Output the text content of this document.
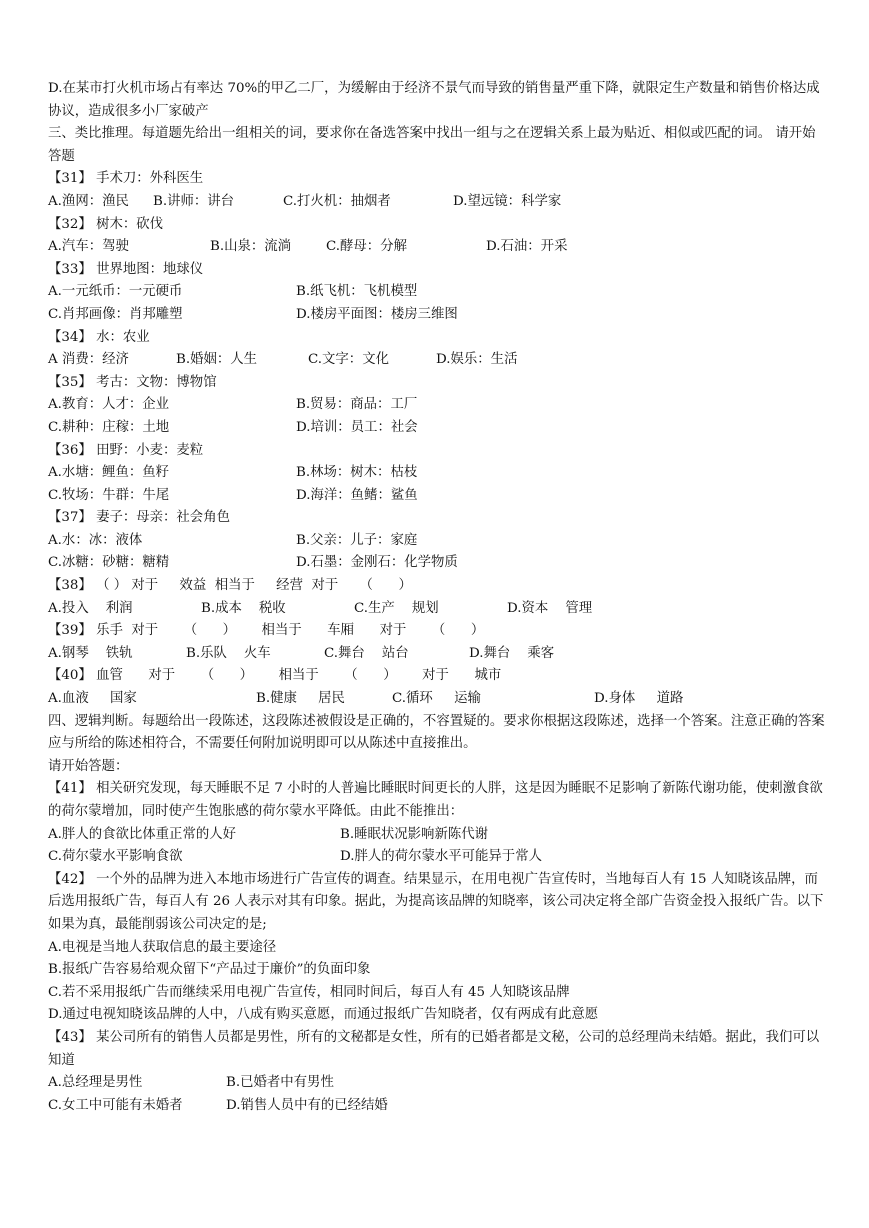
D.在某市打火机市场占有率达 70%的甲乙二厂，为缓解由于经济不景气而导致的销售量严重下降，就限定生产数量和销售价格达成协议，造成很多小厂家破产
三、类比推理。每道题先给出一组相关的词，要求你在备选答案中找出一组与之在逻辑关系上最为贴近、相似或匹配的词。 请开始答题
【31】 手术刀：外科医生
A.渔网：渔民	B.讲师：讲台	C.打火机：抽烟者	D.望远镜：科学家
【32】 树木：砍伐
A.汽车：驾驶	B.山泉：流淌	C.酵母：分解	D.石油：开采
【33】 世界地图：地球仪
A.一元纸币：一元硬币	B.纸飞机：飞机模型
C.肖邦画像：肖邦雕塑	D.楼房平面图：楼房三维图
【34】 水：农业
A 消费：经济	B.婚姻：人生	C.文字：文化	D.娱乐：生活
【35】 考古：文物：博物馆
A.教育：人才：企业	B.贸易：商品：工厂
C.耕种：庄稼：土地	D.培训：员工：社会
【36】 田野：小麦：麦粒
A.水塘：鲤鱼：鱼籽	B.林场：树木：枯枝
C.牧场：牛群：牛尾	D.海洋：鱼鳍：鲨鱼
【37】 妻子：母亲：社会角色
A.水：冰：液体	B.父亲：儿子：家庭
C.冰糖：砂糖：糖精	D.石墨：金刚石：化学物质
【38】 （ ） 对于     效益  相当于     经营  对于     （      ）
A.投入    利润	B.成本    税收	C.生产    规划	D.资本    管理
【39】 乐手  对于      （      ）      相当于      车厢      对于      （      ）
A.钢琴    铁轨	B.乐队    火车	C.舞台    站台	D.舞台    乘客
【40】 血管      对于      （      ）      相当于      （      ）      对于      城市
A.血液     国家	B.健康     居民	C.循环     运输	D.身体     道路
四、逻辑判断。每题给出一段陈述，这段陈述被假设是正确的，不容置疑的。要求你根据这段陈述，选择一个答案。注意正确的答案应与所给的陈述相符合，不需要任何附加说明即可以从陈述中直接推出。
请开始答题：
【41】 相关研究发现，每天睡眠不足 7 小时的人普遍比睡眠时间更长的人胖，这是因为睡眠不足影响了新陈代谢功能，使刺激食欲的荷尔蒙增加，同时使产生饱胀感的荷尔蒙水平降低。由此不能推出：
A.胖人的食欲比体重正常的人好	B.睡眠状况影响新陈代谢
C.荷尔蒙水平影响食欲	D.胖人的荷尔蒙水平可能异于常人
【42】 一个外的品牌为进入本地市场进行广告宣传的调查。结果显示，在用电视广告宣传时，当地每百人有 15 人知晓该品牌，而后选用报纸广告，每百人有 26 人表示对其有印象。据此，为提高该品牌的知晓率，该公司决定将全部广告资金投入报纸广告。以下如果为真，最能削弱该公司决定的是;
A.电视是当地人获取信息的最主要途径
B.报纸广告容易给观众留下“产品过于廉价”的负面印象
C.若不采用报纸广告而继续采用电视广告宣传，相同时间后，每百人有 45 人知晓该品牌
D.通过电视知晓该品牌的人中，八成有购买意愿，而通过报纸广告知晓者，仅有两成有此意愿
【43】 某公司所有的销售人员都是男性，所有的文秘都是女性，所有的已婚者都是文秘，公司的总经理尚未结婚。据此，我们可以知道
A.总经理是男性	B.已婚者中有男性
C.女工中可能有未婚者	D.销售人员中有的已经结婚
